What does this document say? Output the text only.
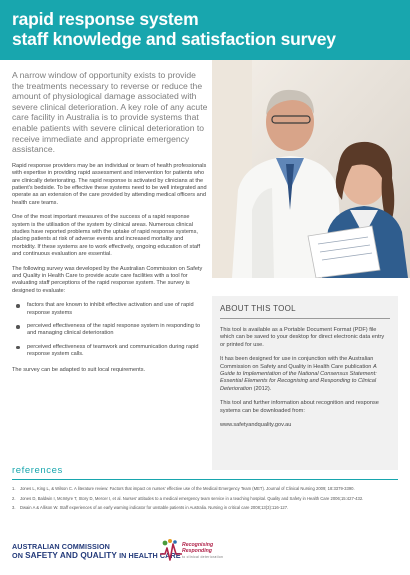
rapid response system
staff knowledge and satisfaction survey

A narrow window of opportunity exists to provide the treatments necessary to reverse or reduce the amount of physiological damage associated with severe clinical deterioration. A key role of any acute care facility in Australia is to provide systems that enable patients with severe clinical deterioration to receive immediate and appropriate emergency assistance.

Rapid response providers may be an individual or team of health professionals with expertise in providing rapid assessment and intervention for patients who are clinically deteriorating. The rapid response is activated by clinicians at the patient's bedside. To be effective these systems need to be well integrated and operate as an extension of the care provided by attending medical officers and health care teams.

One of the most important measures of the success of a rapid response system is the utilisation of the system by clinical areas. Numerous clinical studies have reported problems with the uptake of rapid response systems, placing patients at risk of adverse events and increased mortality and morbidity. If these systems are to work effectively, ongoing education of staff and continuous evaluation are essential.

The following survey was developed by the Australian Commission on Safety and Quality in Health Care to provide acute care facilities with a tool for evaluating staff perceptions of the rapid response system. The survey is designed to evaluate:

factors that are known to inhibit effective activation and use of rapid response systems
perceived effectiveness of the rapid response system in responding to and managing clinical deterioration
perceived effectiveness of teamwork and communication during rapid response system calls.

The survey can be adapted to suit local requirements.

ABOUT THIS TOOL

This tool is available as a Portable Document Format (PDF) file which can be saved to your desktop for direct electronic data entry or printed for use.

It has been designed for use in conjunction with the Australian Commission on Safety and Quality in Health Care publication A Guide to Implementation of the National Consensus Statement: Essential Elements for Recognising and Responding to Clinical Deterioration (2012).

This tool and further information about recognition and response systems can be downloaded from:

www.safetyandquality.gov.au
references
1. Jones L, King L, & Wilson C. A literature review: Factors that impact on nurses' effective use of the Medical Emergency Team (MET). Journal of Clinical Nursing 2009; 18:3379-3390.
2. Jones D, Baldwin I, McIntyre T, Story D, Mercer I, et al. Nurses' attitudes to a medical emergency team service in a teaching hospital. Quality and Safety in Health Care 2006;15:427-432.
3. Dwain A & Allison W. Staff experiences of an early warning indicator for unstable patients in Australia. Nursing in critical care 2008;13(3):116-127.
AUSTRALIAN COMMISSION
ON SAFETY AND QUALITY IN HEALTH CARE
Recognising
Responding
to clinical deterioration
